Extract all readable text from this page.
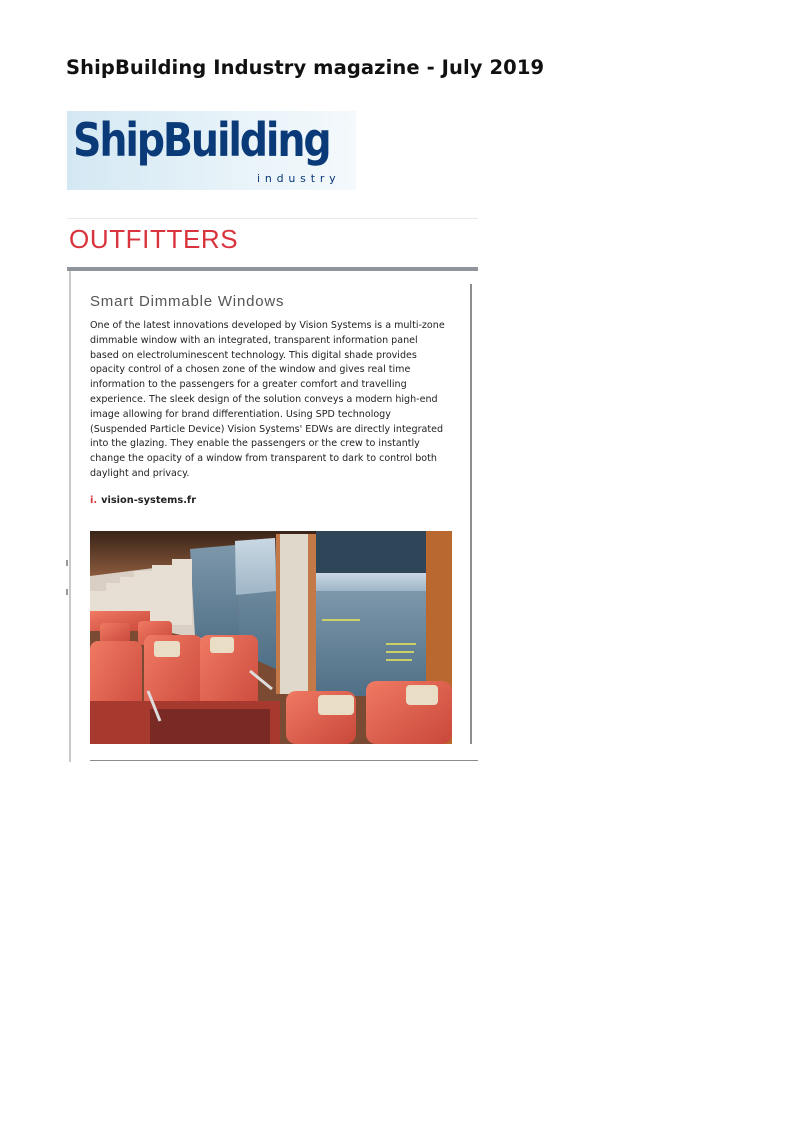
ShipBuilding Industry magazine - July 2019
ShipBuilding
industry
OUTFITTERS
Smart Dimmable Windows
One of the latest innovations developed by Vision Systems is a multi-zone
dimmable window with an integrated, transparent information panel
based on electroluminescent technology. This digital shade provides
opacity control of a chosen zone of the window and gives real time
information to the passengers for a greater comfort and travelling
experience. The sleek design of the solution conveys a modern high-end
image allowing for brand differentiation. Using SPD technology
(Suspended Particle Device) Vision Systems' EDWs are directly integrated
into the glazing. They enable the passengers or the crew to instantly
change the opacity of a window from transparent to dark to control both
daylight and privacy.
i. vision-systems.fr
